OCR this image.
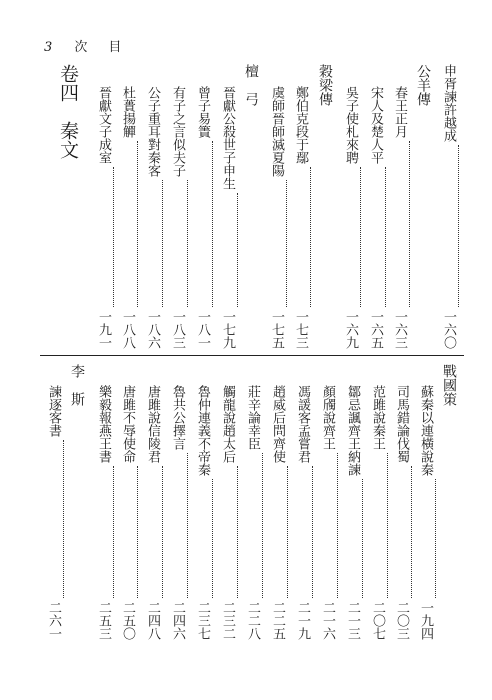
3 次　目
申胥諫許越成
一六〇
公羊傳
春王正月
一六三
宋人及楚人平
一六五
吳子使札來聘
一六九
穀梁傳
鄭伯克段于鄢
一七三
虞師晉師滅夏陽
一七五
檀　弓
晉獻公殺世子申生
一七九
曾子易簀
一八一
有子之言似夫子
一八三
公子重耳對秦客
一八六
杜蕢揚觶
一八八
晉獻文子成室
一九一
卷四　秦文
戰國策
蘇秦以連橫說秦
一九四
司馬錯論伐蜀
二〇三
范雎說秦王
二〇七
鄒忌諷齊王納諫
二一三
顏斶說齊王
二一六
馮諼客孟嘗君
二一九
趙威后問齊使
二二五
莊辛論幸臣
二二八
觸龍說趙太后
二三二
魯仲連義不帝秦
二三七
魯共公擇言
二四六
唐雎說信陵君
二四八
唐雎不辱使命
二五〇
樂毅報燕王書
二五三
李　斯
諫逐客書
二六一
